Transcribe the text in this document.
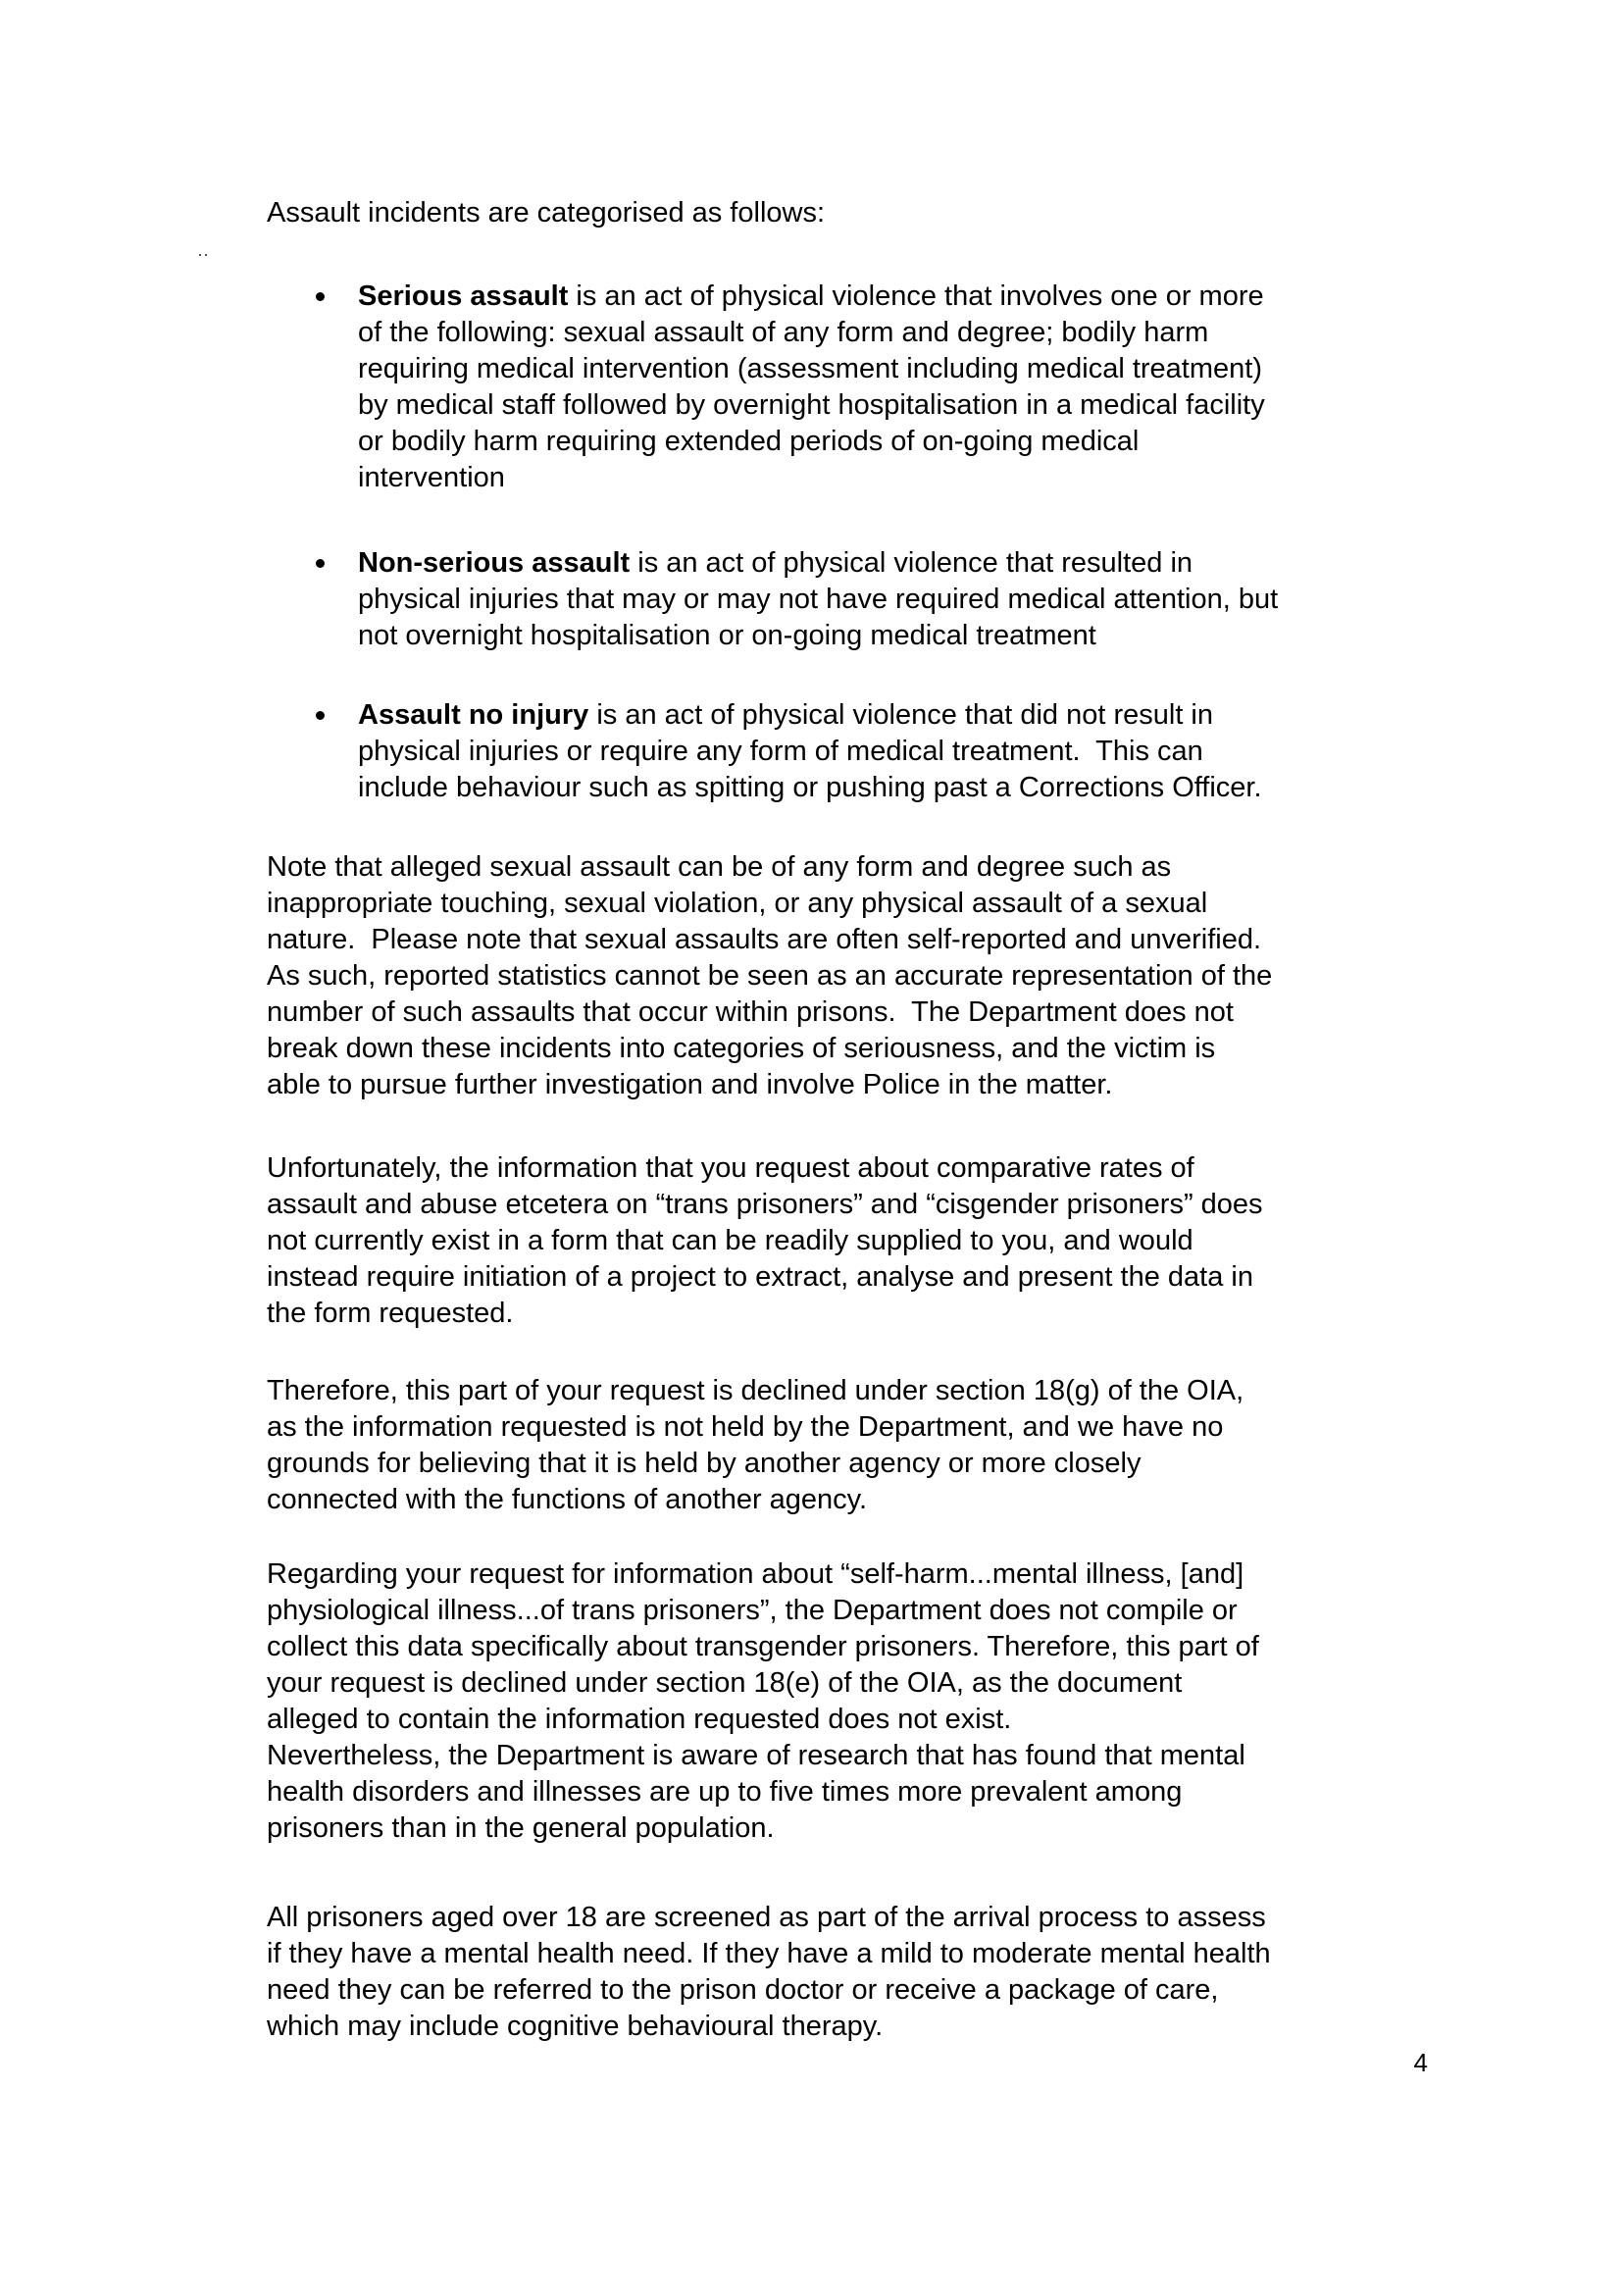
Assault incidents are categorised as follows:
Serious assault is an act of physical violence that involves one or more
of the following: sexual assault of any form and degree; bodily harm
requiring medical intervention (assessment including medical treatment)
by medical staff followed by overnight hospitalisation in a medical facility
or bodily harm requiring extended periods of on-going medical
intervention
Non-serious assault is an act of physical violence that resulted in
physical injuries that may or may not have required medical attention, but
not overnight hospitalisation or on-going medical treatment
Assault no injury is an act of physical violence that did not result in
physical injuries or require any form of medical treatment.  This can
include behaviour such as spitting or pushing past a Corrections Officer.
Note that alleged sexual assault can be of any form and degree such as
inappropriate touching, sexual violation, or any physical assault of a sexual
nature.  Please note that sexual assaults are often self-reported and unverified.
As such, reported statistics cannot be seen as an accurate representation of the
number of such assaults that occur within prisons.  The Department does not
break down these incidents into categories of seriousness, and the victim is
able to pursue further investigation and involve Police in the matter.
Unfortunately, the information that you request about comparative rates of
assault and abuse etcetera on “trans prisoners” and “cisgender prisoners” does
not currently exist in a form that can be readily supplied to you, and would
instead require initiation of a project to extract, analyse and present the data in
the form requested.
Therefore, this part of your request is declined under section 18(g) of the OIA,
as the information requested is not held by the Department, and we have no
grounds for believing that it is held by another agency or more closely
connected with the functions of another agency.
Regarding your request for information about “self-harm...mental illness, [and]
physiological illness...of trans prisoners”, the Department does not compile or
collect this data specifically about transgender prisoners. Therefore, this part of
your request is declined under section 18(e) of the OIA, as the document
alleged to contain the information requested does not exist.
Nevertheless, the Department is aware of research that has found that mental
health disorders and illnesses are up to five times more prevalent among
prisoners than in the general population.
All prisoners aged over 18 are screened as part of the arrival process to assess
if they have a mental health need. If they have a mild to moderate mental health
need they can be referred to the prison doctor or receive a package of care,
which may include cognitive behavioural therapy.
4
